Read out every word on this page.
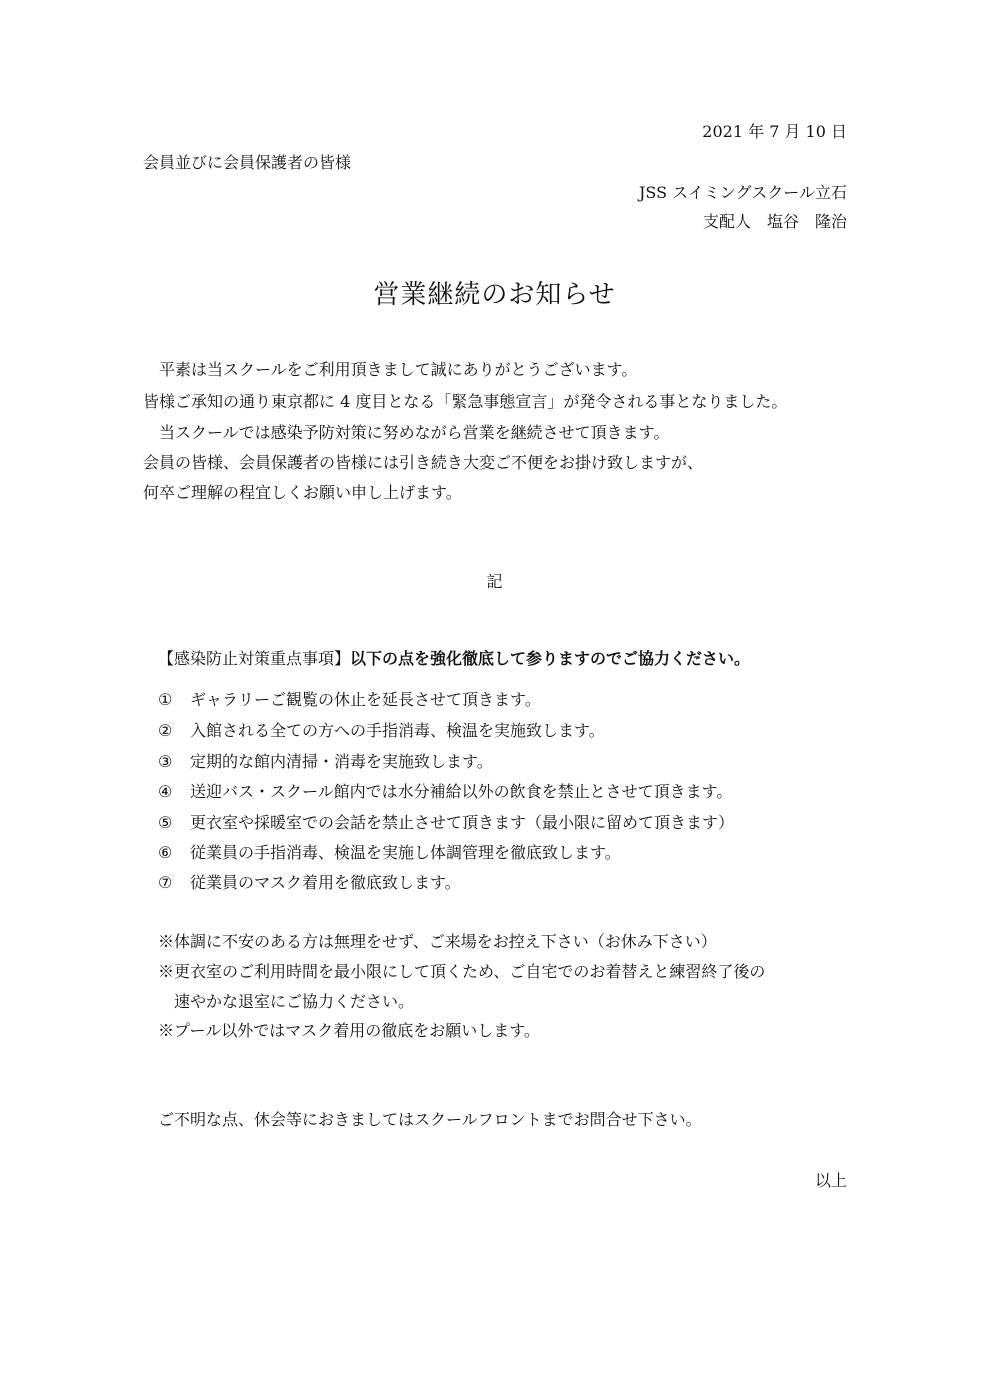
2021 年 7 月 10 日
会員並びに会員保護者の皆様
JSS スイミングスクール立石
支配人　塩谷　隆治
営業継続のお知らせ
　平素は当スクールをご利用頂きまして誠にありがとうございます。
皆様ご承知の通り東京都に 4 度目となる「緊急事態宣言」が発令される事となりました。
　当スクールでは感染予防対策に努めながら営業を継続させて頂きます。
会員の皆様、会員保護者の皆様には引き続き大変ご不便をお掛け致しますが、
何卒ご理解の程宜しくお願い申し上げます。
記
【感染防止対策重点事項】以下の点を強化徹底して参りますのでご協力ください。
① ギャラリーご観覧の休止を延長させて頂きます。
② 入館される全ての方への手指消毒、検温を実施致します。
③ 定期的な館内清掃・消毒を実施致します。
④ 送迎バス・スクール館内では水分補給以外の飲食を禁止とさせて頂きます。
⑤ 更衣室や採暖室での会話を禁止させて頂きます（最小限に留めて頂きます）
⑥ 従業員の手指消毒、検温を実施し体調管理を徹底致します。
⑦ 従業員のマスク着用を徹底致します。
※体調に不安のある方は無理をせず、ご来場をお控え下さい（お休み下さい）
※更衣室のご利用時間を最小限にして頂くため、ご自宅でのお着替えと練習終了後の
　速やかな退室にご協力ください。
※プール以外ではマスク着用の徹底をお願いします。
ご不明な点、休会等におきましてはスクールフロントまでお問合せ下さい。
以上
